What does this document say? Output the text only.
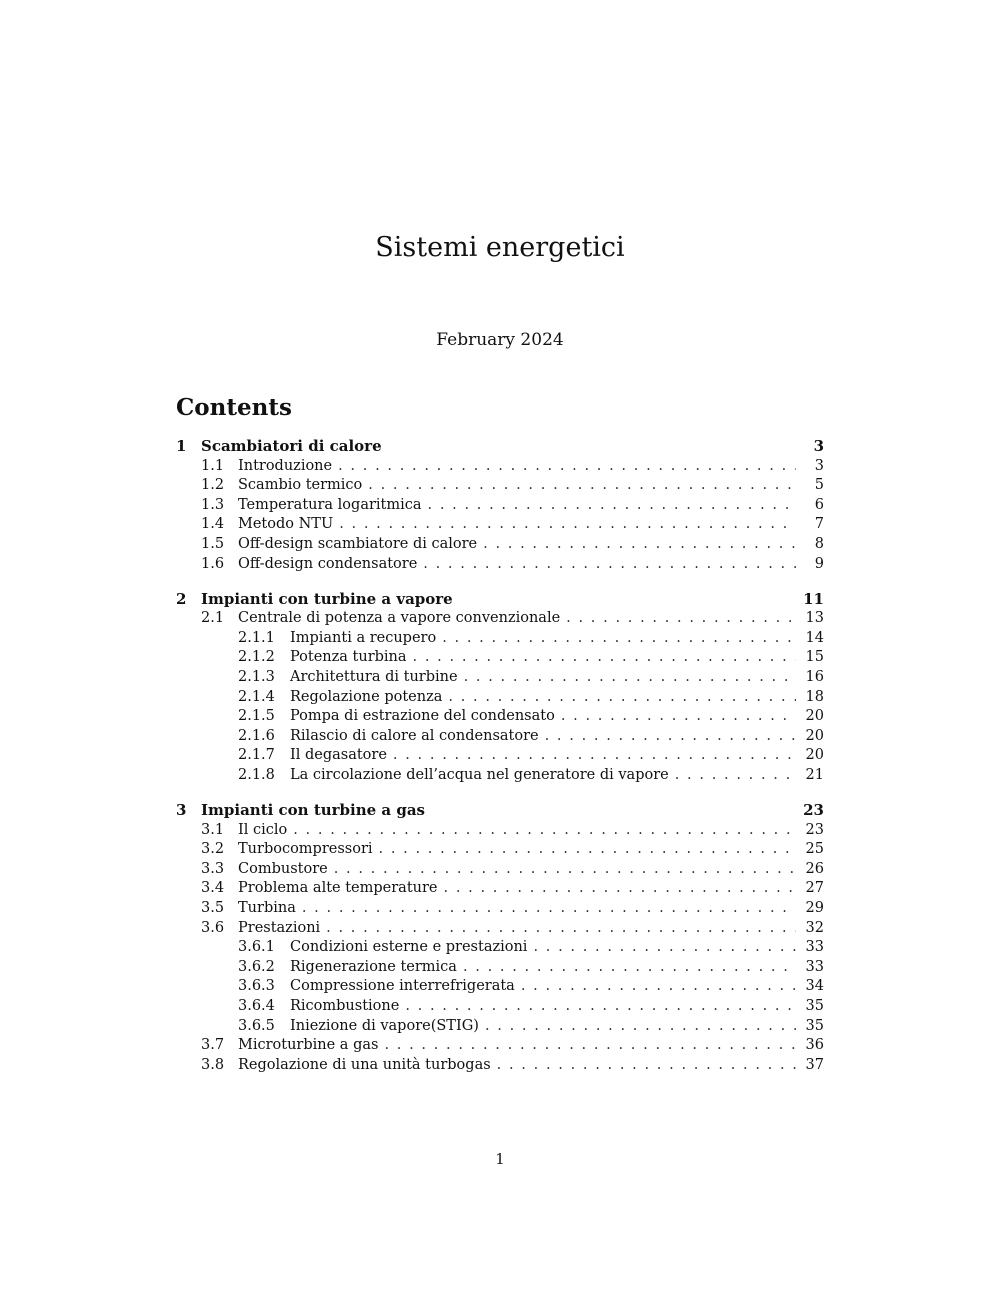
Sistemi energetici
February 2024
Contents
1 Scambiatori di calore	3
1.1 Introduzione . . .	3
1.2 Scambio termico . . .	5
1.3 Temperatura logaritmica . . .	6
1.4 Metodo NTU . . .	7
1.5 Off-design scambiatore di calore . . .	8
1.6 Off-design condensatore . . .	9
2 Impianti con turbine a vapore	11
2.1 Centrale di potenza a vapore convenzionale . . .	13
2.1.1	Impianti a recupero . . .	14
2.1.2	Potenza turbina . . .	15
2.1.3	Architettura di turbine . . .	16
2.1.4	Regolazione potenza . . .	18
2.1.5	Pompa di estrazione del condensato . . .	20
2.1.6	Rilascio di calore al condensatore . . .	20
2.1.7	Il degasatore . . .	20
2.1.8	La circolazione dell’acqua nel generatore di vapore . . .	21
3 Impianti con turbine a gas	23
3.1 Il ciclo . . .	23
3.2 Turbocompressori . . .	25
3.3 Combustore . . .	26
3.4 Problema alte temperature . . .	27
3.5 Turbina . . .	29
3.6 Prestazioni . . .	32
3.6.1	Condizioni esterne e prestazioni . . .	33
3.6.2	Rigenerazione termica . . .	33
3.6.3	Compressione interrefrigerata . . .	34
3.6.4	Ricombustione . . .	35
3.6.5	Iniezione di vapore(STIG) . . .	35
3.7 Microturbine a gas . . .	36
3.8 Regolazione di una unità turbogas . . .	37
1
